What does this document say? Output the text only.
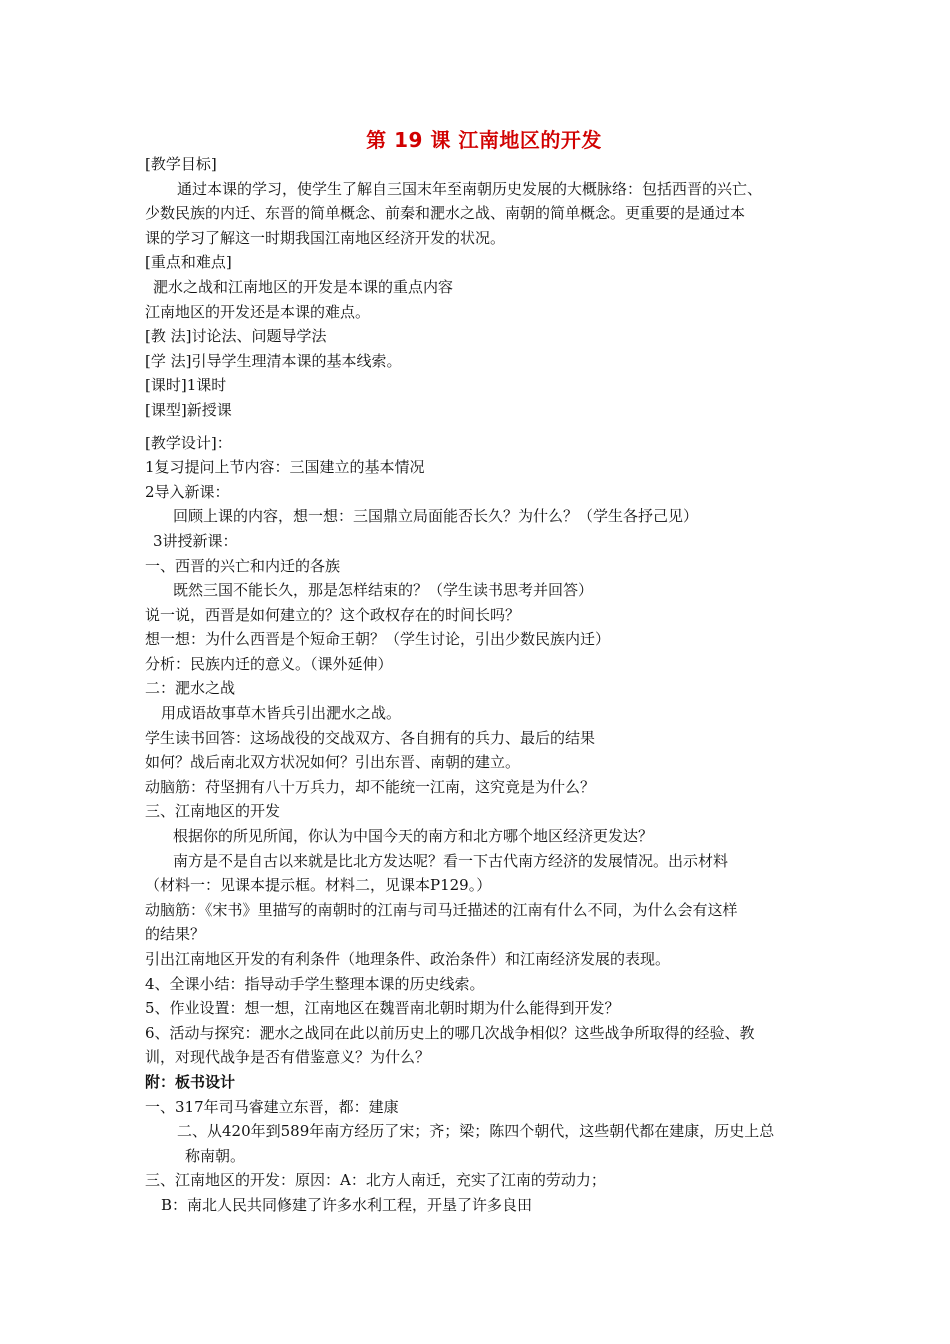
第 19 课 江南地区的开发
[教学目标]
通过本课的学习，使学生了解自三国末年至南朝历史发展的大概脉络：包括西晋的兴亡、
少数民族的内迁、东晋的简单概念、前秦和淝水之战、南朝的简单概念。更重要的是通过本
课的学习了解这一时期我国江南地区经济开发的状况。
[重点和难点]
淝水之战和江南地区的开发是本课的重点内容
江南地区的开发还是本课的难点。
[教 法]讨论法、问题导学法
[学 法]引导学生理清本课的基本线索。
[课时]1课时
[课型]新授课
[教学设计]：
1复习提问上节内容：三国建立的基本情况
2导入新课：
回顾上课的内容，想一想：三国鼎立局面能否长久？为什么？（学生各抒己见）
3讲授新课：
一、西晋的兴亡和内迁的各族
既然三国不能长久，那是怎样结束的？（学生读书思考并回答）
说一说，西晋是如何建立的？这个政权存在的时间长吗？
想一想：为什么西晋是个短命王朝？（学生讨论，引出少数民族内迁）
分析：民族内迁的意义。（课外延伸）
二：淝水之战
用成语故事草木皆兵引出淝水之战。
学生读书回答：这场战役的交战双方、各自拥有的兵力、最后的结果
如何？战后南北双方状况如何？引出东晋、南朝的建立。
动脑筋：苻坚拥有八十万兵力，却不能统一江南，这究竟是为什么？
三、江南地区的开发
根据你的所见所闻，你认为中国今天的南方和北方哪个地区经济更发达？
南方是不是自古以来就是比北方发达呢？看一下古代南方经济的发展情况。出示材料
（材料一：见课本提示框。材料二，见课本P129。）
动脑筋：《宋书》里描写的南朝时的江南与司马迁描述的江南有什么不同，为什么会有这样
的结果？
引出江南地区开发的有利条件（地理条件、政治条件）和江南经济发展的表现。
4、全课小结：指导动手学生整理本课的历史线索。
5、作业设置：想一想，江南地区在魏晋南北朝时期为什么能得到开发？
6、活动与探究：淝水之战同在此以前历史上的哪几次战争相似？这些战争所取得的经验、教
训，对现代战争是否有借鉴意义？为什么？
附：板书设计
一、317年司马睿建立东晋，都：建康
二、从420年到589年南方经历了宋；齐；梁；陈四个朝代，这些朝代都在建康，历史上总
称南朝。
三、江南地区的开发：原因：A：北方人南迁，充实了江南的劳动力；
B：南北人民共同修建了许多水利工程，开垦了许多良田
